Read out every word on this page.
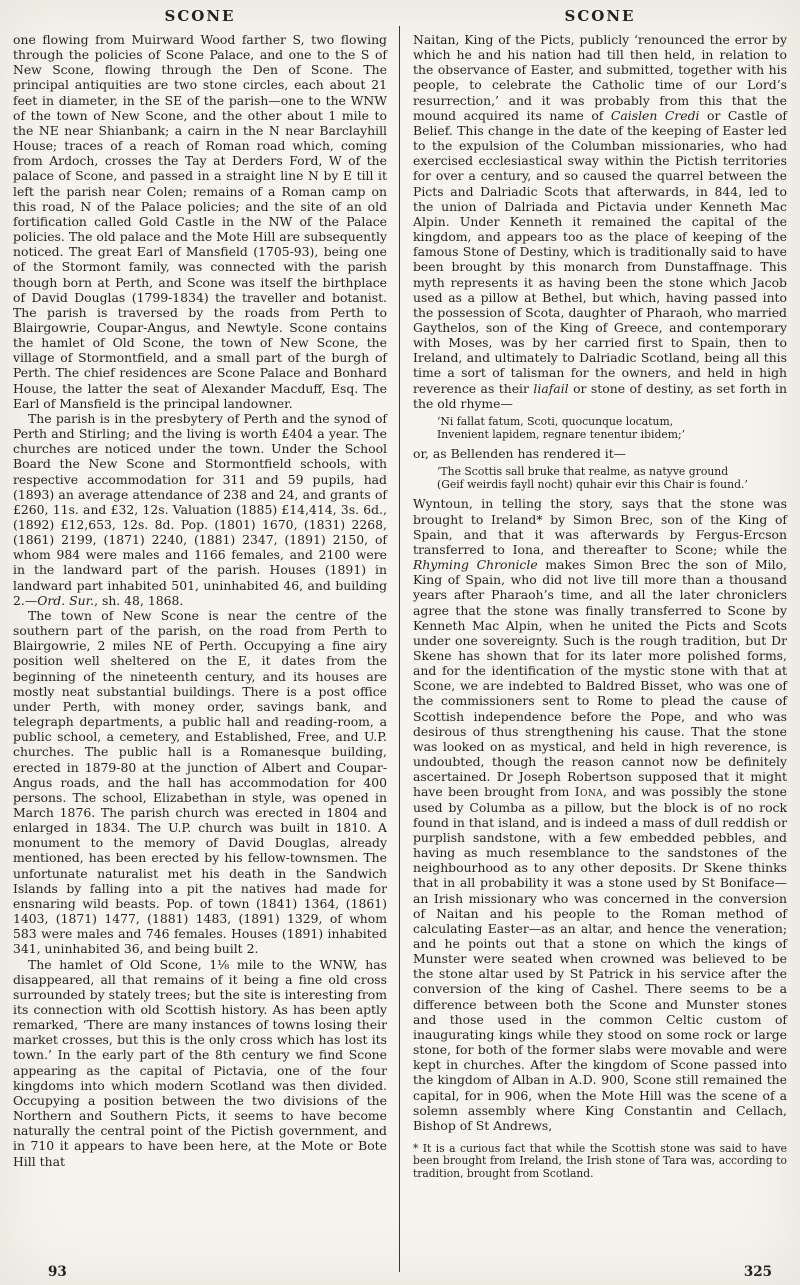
SCONE

one flowing from Muirward Wood farther S, two flowing through the policies of Scone Palace, and one to the S of New Scone, flowing through the Den of Scone. The principal antiquities are two stone circles, each about 21 feet in diameter, in the SE of the parish—one to the WNW of the town of New Scone, and the other about 1 mile to the NE near Shianbank; a cairn in the N near Barclayhill House; traces of a reach of Roman road which, coming from Ardoch, crosses the Tay at Derders Ford, W of the palace of Scone, and passed in a straight line N by E till it left the parish near Colen; remains of a Roman camp on this road, N of the Palace policies; and the site of an old fortification called Gold Castle in the NW of the Palace policies. The old palace and the Mote Hill are subsequently noticed. The great Earl of Mansfield (1705-93), being one of the Stormont family, was connected with the parish though born at Perth, and Scone was itself the birthplace of David Douglas (1799-1834) the traveller and botanist. The parish is traversed by the roads from Perth to Blairgowrie, Coupar-Angus, and Newtyle. Scone contains the hamlet of Old Scone, the town of New Scone, the village of Stormontfield, and a small part of the burgh of Perth. The chief residences are Scone Palace and Bonhard House, the latter the seat of Alexander Macduff, Esq. The Earl of Mansfield is the principal landowner.

The parish is in the presbytery of Perth and the synod of Perth and Stirling; and the living is worth £404 a year. The churches are noticed under the town. Under the School Board the New Scone and Stormontfield schools, with respective accommodation for 311 and 59 pupils, had (1893) an average attendance of 238 and 24, and grants of £260, 11s. and £32, 12s. Valuation (1885) £14,414, 3s. 6d., (1892) £12,653, 12s. 8d. Pop. (1801) 1670, (1831) 2268, (1861) 2199, (1871) 2240, (1881) 2347, (1891) 2150, of whom 984 were males and 1166 females, and 2100 were in the landward part of the parish. Houses (1891) in landward part inhabited 501, uninhabited 46, and building 2.—Ord. Sur., sh. 48, 1868.

The town of New Scone is near the centre of the southern part of the parish, on the road from Perth to Blairgowrie, 2 miles NE of Perth. Occupying a fine airy position well sheltered on the E, it dates from the beginning of the nineteenth century, and its houses are mostly neat substantial buildings. There is a post office under Perth, with money order, savings bank, and telegraph departments, a public hall and reading-room, a public school, a cemetery, and Established, Free, and U.P. churches. The public hall is a Romanesque building, erected in 1879-80 at the junction of Albert and Coupar-Angus roads, and the hall has accommodation for 400 persons. The school, Elizabethan in style, was opened in March 1876. The parish church was erected in 1804 and enlarged in 1834. The U.P. church was built in 1810. A monument to the memory of David Douglas, already mentioned, has been erected by his fellow-townsmen. The unfortunate naturalist met his death in the Sandwich Islands by falling into a pit the natives had made for ensnaring wild beasts. Pop. of town (1841) 1364, (1861) 1403, (1871) 1477, (1881) 1483, (1891) 1329, of whom 583 were males and 746 females. Houses (1891) inhabited 341, uninhabited 36, and being built 2.

The hamlet of Old Scone, 1⅛ mile to the WNW, has disappeared, all that remains of it being a fine old cross surrounded by stately trees; but the site is interesting from its connection with old Scottish history. As has been aptly remarked, ‘There are many instances of towns losing their market crosses, but this is the only cross which has lost its town.’ In the early part of the 8th century we find Scone appearing as the capital of Pictavia, one of the four kingdoms into which modern Scotland was then divided. Occupying a position between the two divisions of the Northern and Southern Picts, it seems to have become naturally the central point of the Pictish government, and in 710 it appears to have been here, at the Mote or Bote Hill that

SCONE

Naitan, King of the Picts, publicly ‘renounced the error by which he and his nation had till then held, in relation to the observance of Easter, and submitted, together with his people, to celebrate the Catholic time of our Lord’s resurrection,’ and it was probably from this that the mound acquired its name of Caislen Credi or Castle of Belief. This change in the date of the keeping of Easter led to the expulsion of the Columban missionaries, who had exercised ecclesiastical sway within the Pictish territories for over a century, and so caused the quarrel between the Picts and Dalriadic Scots that afterwards, in 844, led to the union of Dalriada and Pictavia under Kenneth Mac Alpin. Under Kenneth it remained the capital of the kingdom, and appears too as the place of keeping of the famous Stone of Destiny, which is traditionally said to have been brought by this monarch from Dunstaffnage. This myth represents it as having been the stone which Jacob used as a pillow at Bethel, but which, having passed into the possession of Scota, daughter of Pharaoh, who married Gaythelos, son of the King of Greece, and contemporary with Moses, was by her carried first to Spain, then to Ireland, and ultimately to Dalriadic Scotland, being all this time a sort of talisman for the owners, and held in high reverence as their liafail or stone of destiny, as set forth in the old rhyme—

‘Ni fallat fatum, Scoti, quocunque locatum,
Invenient lapidem, regnare tenentur ibidem;’

or, as Bellenden has rendered it—

‘The Scottis sall bruke that realme, as natyve ground
(Geif weirdis fayll nocht) quhair evir this Chair is found.’

Wyntoun, in telling the story, says that the stone was brought to Ireland* by Simon Brec, son of the King of Spain, and that it was afterwards by Fergus-Ercson transferred to Iona, and thereafter to Scone; while the Rhyming Chronicle makes Simon Brec the son of Milo, King of Spain, who did not live till more than a thousand years after Pharaoh’s time, and all the later chroniclers agree that the stone was finally transferred to Scone by Kenneth Mac Alpin, when he united the Picts and Scots under one sovereignty. Such is the rough tradition, but Dr Skene has shown that for its later more polished forms, and for the identification of the mystic stone with that at Scone, we are indebted to Baldred Bisset, who was one of the commissioners sent to Rome to plead the cause of Scottish independence before the Pope, and who was desirous of thus strengthening his cause. That the stone was looked on as mystical, and held in high reverence, is undoubted, though the reason cannot now be definitely ascertained. Dr Joseph Robertson supposed that it might have been brought from Iona, and was possibly the stone used by Columba as a pillow, but the block is of no rock found in that island, and is indeed a mass of dull reddish or purplish sandstone, with a few embedded pebbles, and having as much resemblance to the sandstones of the neighbourhood as to any other deposits. Dr Skene thinks that in all probability it was a stone used by St Boniface—an Irish missionary who was concerned in the conversion of Naitan and his people to the Roman method of calculating Easter—as an altar, and hence the veneration; and he points out that a stone on which the kings of Munster were seated when crowned was believed to be the stone altar used by St Patrick in his service after the conversion of the king of Cashel. There seems to be a difference between both the Scone and Munster stones and those used in the common Celtic custom of inaugurating kings while they stood on some rock or large stone, for both of the former slabs were movable and were kept in churches. After the kingdom of Scone passed into the kingdom of Alban in A.D. 900, Scone still remained the capital, for in 906, when the Mote Hill was the scene of a solemn assembly where King Constantin and Cellach, Bishop of St Andrews,

* It is a curious fact that while the Scottish stone was said to have been brought from Ireland, the Irish stone of Tara was, according to tradition, brought from Scotland.

93	325
